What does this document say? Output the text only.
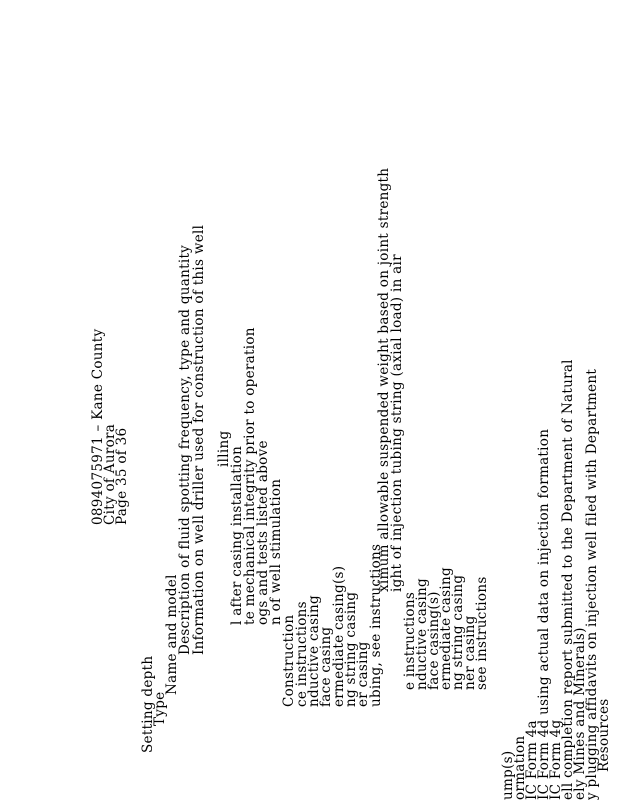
0894075971 – Kane County
City of Aurora
Page 35 of 36
Setting depth
Type
Name and model
Description of fluid spotting frequency, type and quantity
Information on well driller used for construction of this well illing
l after casing installation
te mechanical integrity prior to operation
ogs and tests listed above
n of well stimulation
Construction
ce instructions
nductive casing
face casing
ermediate casing(s)
ng string casing
er casing
ubing, see instructions
ximum allowable suspended weight based on joint strength
ight of injection tubing string (axial load) in air
e instructions
nductive casing
face casing(s)
ermediate casing
ng string casing
ner casing
see instructions
ump(s)
ormation
IC Form 4a
IC Form 4d using actual data on injection formation
IC Form 4g
ell completion report submitted to the Department of Natural
ely Mines and Minerals)
y plugging affidavits on injection well filed with Department
Resources
